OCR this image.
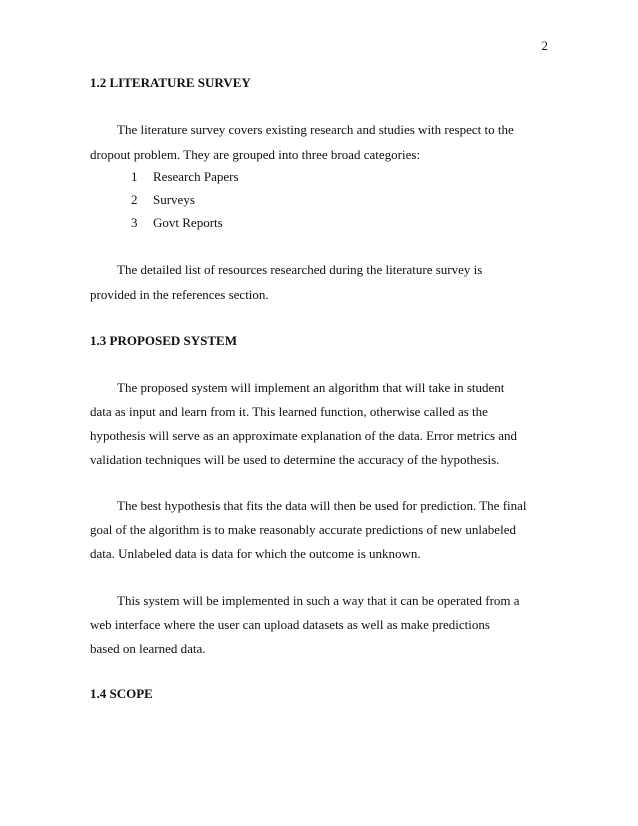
2
1.2 LITERATURE SURVEY

The literature survey covers existing research and studies with respect to the

dropout problem. They are grouped into three broad categories:

1 Research Papers
2 Surveys
3 Govt Reports

The detailed list of resources researched during the literature survey is

provided in the references section.

1.3 PROPOSED SYSTEM

The proposed system will implement an algorithm that will take in student

data as input and learn from it. This learned function, otherwise called as the

hypothesis will serve as an approximate explanation of the data. Error metrics and

validation techniques will be used to determine the accuracy of the hypothesis.

The best hypothesis that fits the data will then be used for prediction. The final

goal of the algorithm is to make reasonably accurate predictions of new unlabeled

data. Unlabeled data is data for which the outcome is unknown.

This system will be implemented in such a way that it can be operated from a

web interface where the user can upload datasets as well as make predictions

based on learned data.

1.4 SCOPE
